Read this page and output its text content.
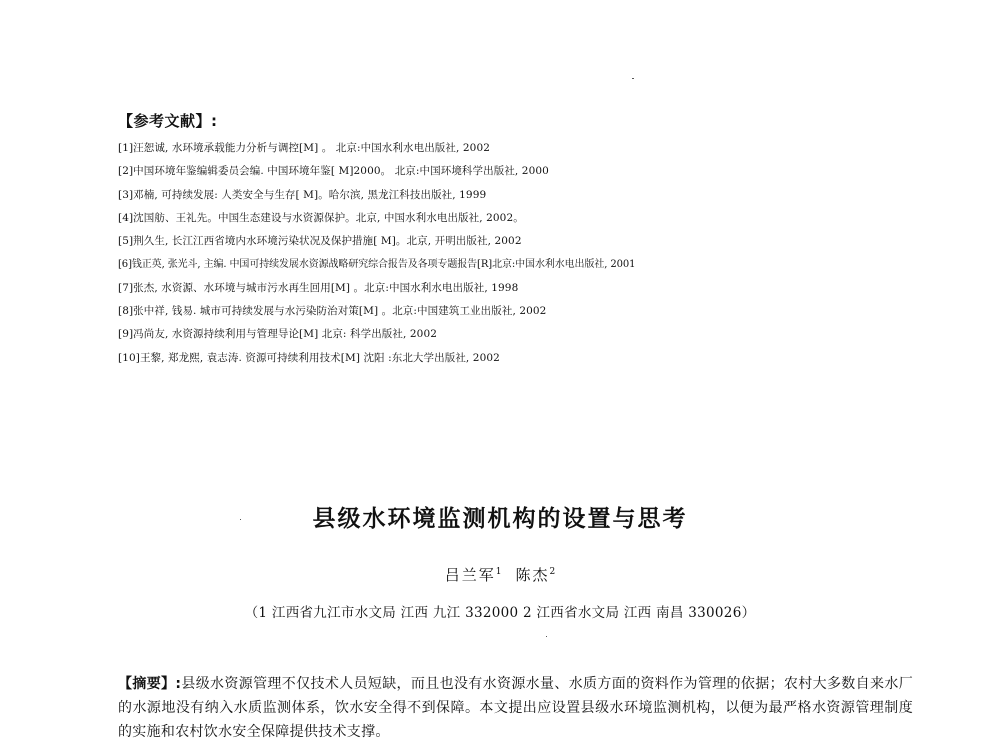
【参考文献】:
[1]汪恕诚, 水环境承载能力分析与调控[M] 。 北京:中国水利水电出版社, 2002
[2]中国环境年鉴编辑委员会编. 中国环境年鉴[ M]2000。 北京:中国环境科学出版社, 2000
[3]邓楠, 可持续发展: 人类安全与生存[ M]。哈尔滨, 黑龙江科技出版社, 1999
[4]沈国舫、王礼先。中国生态建设与水资源保护。北京, 中国水利水电出版社, 2002。
[5]荆久生, 长江江西省境内水环境污染状况及保护措施[ M]。北京, 开明出版社, 2002
[6]钱正英, 张光斗, 主编. 中国可持续发展水资源战略研究综合报告及各项专题报告[R]北京:中国水利水电出版社, 2001
[7]张杰, 水资源、水环境与城市污水再生回用[M] 。北京:中国水利水电出版社, 1998
[8]张中祥, 钱易. 城市可持续发展与水污染防治对策[M] 。北京:中国建筑工业出版社, 2002
[9]冯尚友, 水资源持续利用与管理导论[M] 北京: 科学出版社, 2002
[10]王黎, 郑龙熙, 袁志涛. 资源可持续利用技术[M] 沈阳 :东北大学出版社, 2002
县级水环境监测机构的设置与思考
吕兰军$^1$ 陈杰$^2$
（1 江西省九江市水文局 江西 九江 332000 2 江西省水文局 江西 南昌 330026）

【摘要】:县级水资源管理不仅技术人员短缺，而且也没有水资源水量、水质方面的资料作为管理的依据；农村大多数自来水厂的水源地没有纳入水质监测体系，饮水安全得不到保障。本文提出应设置县级水环境监测机构，以便为最严格水资源管理制度的实施和农村饮水安全保障提供技术支撑。
